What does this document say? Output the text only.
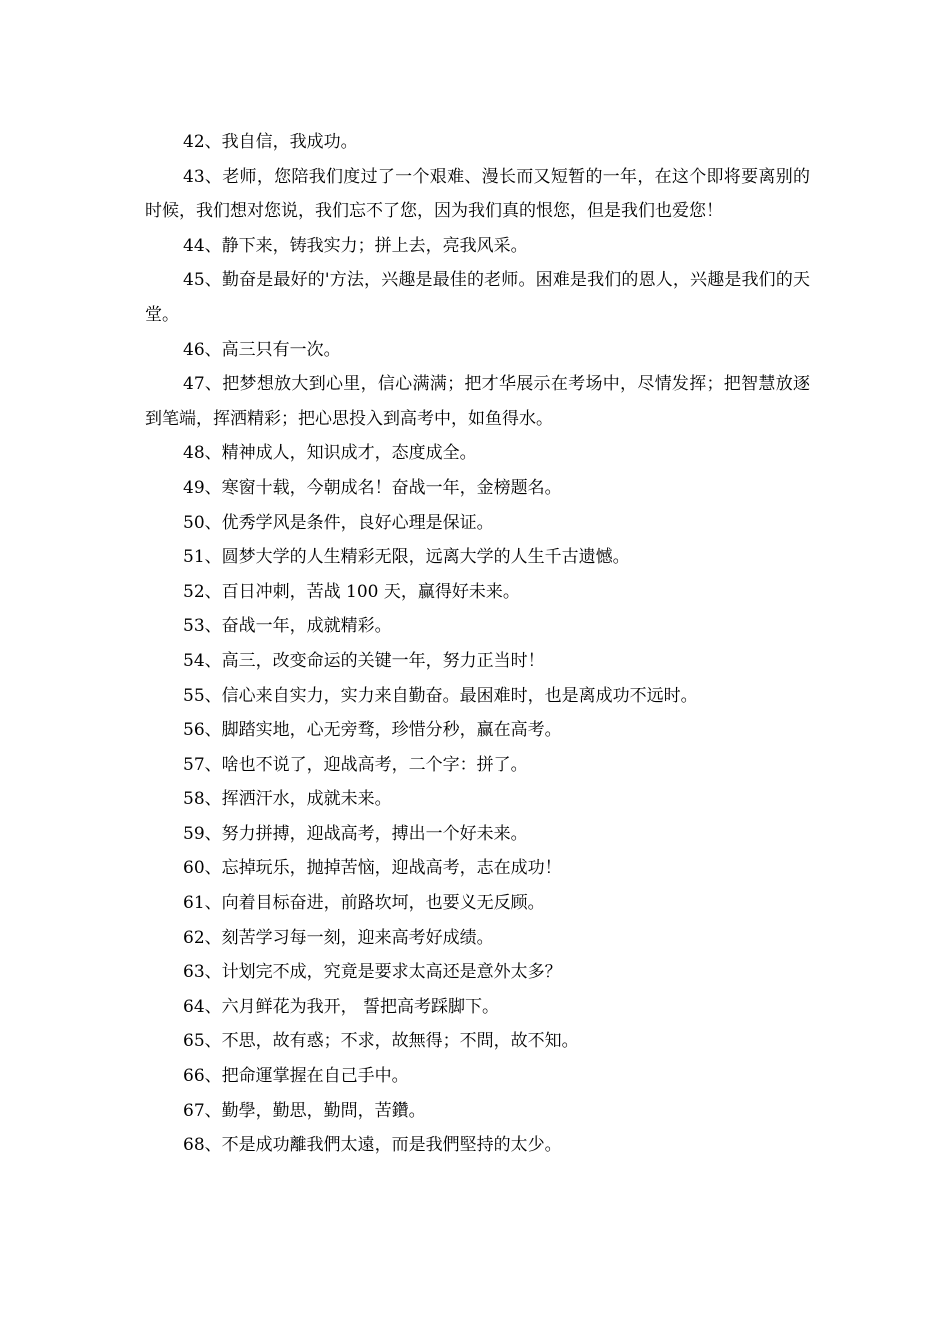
42、我自信，我成功。

43、老师，您陪我们度过了一个艰难、漫长而又短暂的一年，在这个即将要离别的时候，我们想对您说，我们忘不了您，因为我们真的恨您，但是我们也爱您！

44、静下来，铸我实力；拼上去，亮我风采。

45、勤奋是最好的'方法，兴趣是最佳的老师。困难是我们的恩人，兴趣是我们的天堂。

46、高三只有一次。

47、把梦想放大到心里，信心满满；把才华展示在考场中，尽情发挥；把智慧放逐到笔端，挥洒精彩；把心思投入到高考中，如鱼得水。

48、精神成人，知识成才，态度成全。

49、寒窗十载，今朝成名！奋战一年，金榜题名。

50、优秀学风是条件，良好心理是保证。

51、圆梦大学的人生精彩无限，远离大学的人生千古遗憾。

52、百日冲刺，苦战 100 天，赢得好未来。

53、奋战一年，成就精彩。

54、高三，改变命运的关键一年，努力正当时！

55、信心来自实力，实力来自勤奋。最困难时，也是离成功不远时。

56、脚踏实地，心无旁骛，珍惜分秒，赢在高考。

57、啥也不说了，迎战高考，二个字：拼了。

58、挥洒汗水，成就未来。

59、努力拼搏，迎战高考，搏出一个好未来。

60、忘掉玩乐，抛掉苦恼，迎战高考，志在成功！

61、向着目标奋进，前路坎坷，也要义无反顾。

62、刻苦学习每一刻，迎来高考好成绩。

63、计划完不成，究竟是要求太高还是意外太多？

64、六月鲜花为我开， 誓把高考踩脚下。

65、不思，故有惑；不求，故無得；不問，故不知。

66、把命運掌握在自己手中。

67、勤學，勤思，勤問，苦鑽。

68、不是成功離我們太遠，而是我們堅持的太少。
